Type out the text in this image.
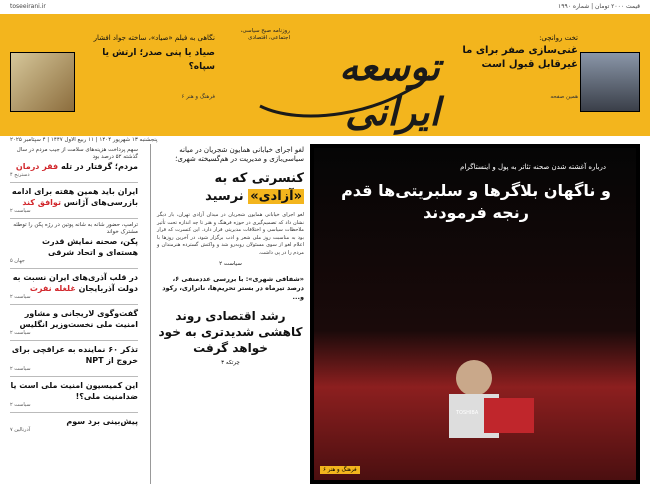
toseeirani.ir	قیمت ۲۰۰۰ تومان | شماره ۱۹۹۰
نگاهی به فیلم «صیاد»، ساخته جواد افشار
صیاد یا پنی صدر؛ ارتش یا سپاه؟
فرهنگ و هنر ۶
روزنامه صبح سیاسی، اجتماعی، اقتصادی
توسعه ایرانی
تخت روانچی:
غنی‌سازی صفر برای ما غیرقابل قبول است
همین صفحه
پنجشنبه ۱۳ شهریور ۱۴۰۴ | ۱۱ ربیع الاول ۱۴۴۷ | ۴ سپتامبر ۲۰۲۵
درباره آغشته شدن صحنه تئاتر به پول و اینستاگرام
و ناگهان بلاگرها و سلبریتی‌ها قدم رنجه فرمودند
فرهنگ و هنر ۶
TOSHIBA
لغو اجرای خیابانی همایون شجریان در میانه سیاسی‌بازی و مدیریت در هم‌گسیخته شهری؛
کنسرتی که به «آزادی» نرسید
لغو اجرای خیابانی همایون شجریان در میدان آزادی تهران، بار دیگر نشان داد که تصمیم‌گیری در حوزه فرهنگ و هنر تا چه اندازه تحت تأثیر ملاحظات سیاسی و اختلافات مدیریتی قرار دارد. این کنسرت که قرار بود به مناسبت روز ملی شعر و ادب برگزار شود، در آخرین روزها با اعلام لغو از سوی مسئولان روبه‌رو شد و واکنش گسترده هنرمندان و مردم را در پی داشت.
سیاست ۲
«شفافی شهری»: با بررسی عددمنفی ۶، درصد تیرماه در بستر تحریم‌ها، ناترازی، رکود و...
رشد اقتصادی روند کاهشی شدیدتری به خود خواهد گرفت
چرتکه ۳
سهم پرداخت هزینه‌های سلامت از جیب مردم در سال گذشته ۵۲ درصد بود
مردم؛ گرفتار در تله فقر درمان
دسترنج ۴
ایران باید همین هفته برای ادامه بازرسی‌های آژانس توافق کند
سیاست ۲
ترامپ، حضور شانه به شانه پوتین در رژه پکن را توطئه مشترک خواند
پکن، صحنه نمایش قدرت هسته‌ای و اتحاد شرقی
جهان ۵
در قلب آذری‌های ایران نسبت به دولت آذربایجان غلغله نفرت
سیاست ۲
گفت‌وگوی لاریجانی و مشاور امنیت ملی نخست‌وزیر انگلیس
سیاست ۲
تذکر ۶۰ نماینده به عراقچی برای خروج از NPT
سیاست ۲
این کمیسیون امنیت ملی است یا ضدامنیت ملی؟!
سیاست ۲
پیش‌بینی برد سوم
آدرنالین ۷
